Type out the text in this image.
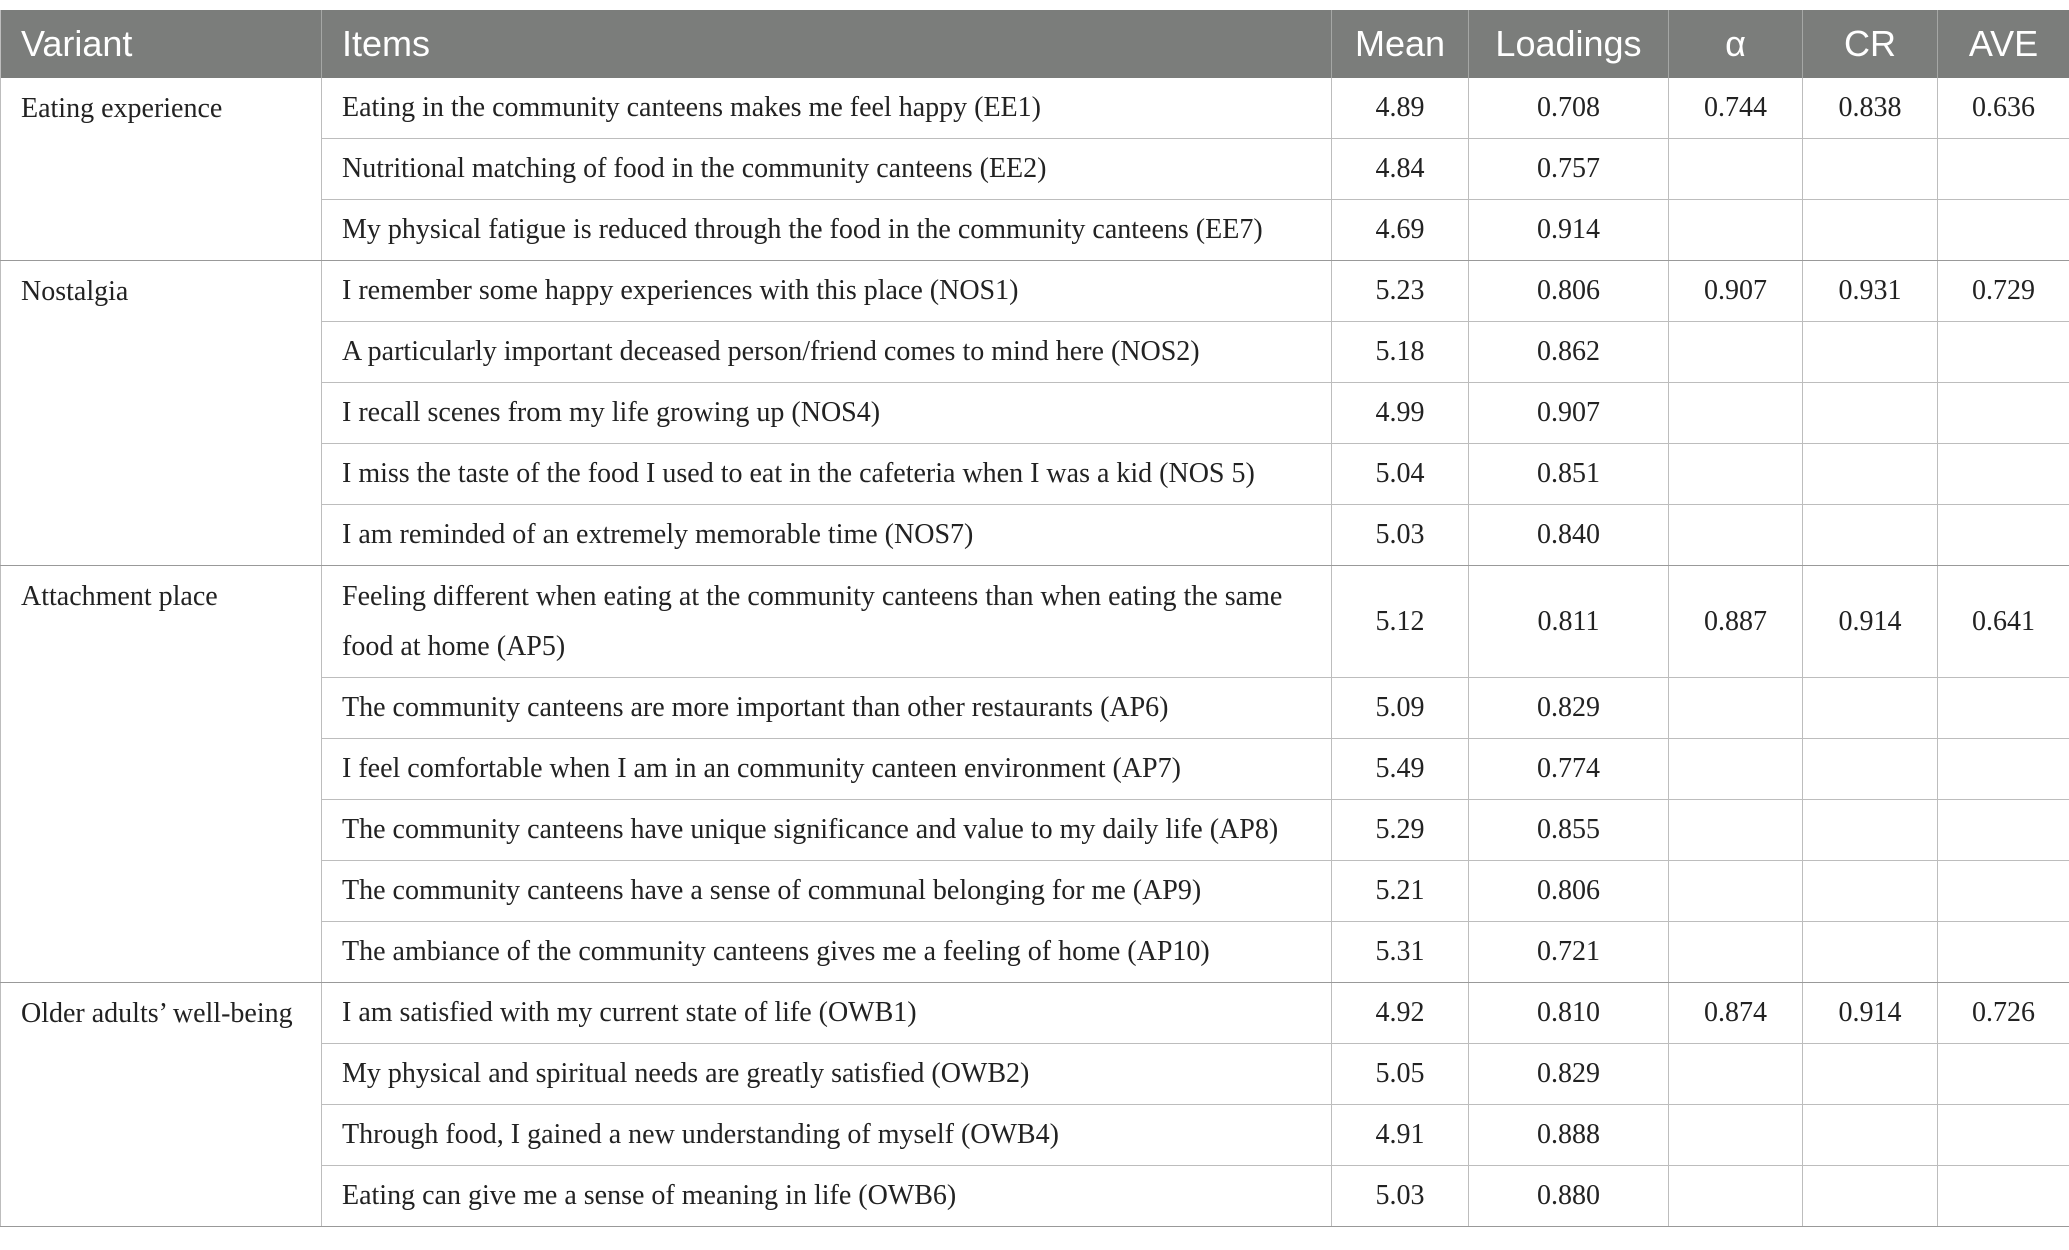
Variant	Items	Mean	Loadings	α	CR	AVE
Eating experience	Eating in the community canteens makes me feel happy (EE1)	4.89	0.708	0.744	0.838	0.636
	Nutritional matching of food in the community canteens (EE2)	4.84	0.757			
	My physical fatigue is reduced through the food in the community canteens (EE7)	4.69	0.914			
Nostalgia	I remember some happy experiences with this place (NOS1)	5.23	0.806	0.907	0.931	0.729
	A particularly important deceased person/friend comes to mind here (NOS2)	5.18	0.862			
	I recall scenes from my life growing up (NOS4)	4.99	0.907			
	I miss the taste of the food I used to eat in the cafeteria when I was a kid (NOS 5)	5.04	0.851			
	I am reminded of an extremely memorable time (NOS7)	5.03	0.840			
Attachment place	Feeling different when eating at the community canteens than when eating the same food at home (AP5)	5.12	0.811	0.887	0.914	0.641
	The community canteens are more important than other restaurants (AP6)	5.09	0.829			
	I feel comfortable when I am in an community canteen environment (AP7)	5.49	0.774			
	The community canteens have unique significance and value to my daily life (AP8)	5.29	0.855			
	The community canteens have a sense of communal belonging for me (AP9)	5.21	0.806			
	The ambiance of the community canteens gives me a feeling of home (AP10)	5.31	0.721			
Older adults’ well-being	I am satisfied with my current state of life (OWB1)	4.92	0.810	0.874	0.914	0.726
	My physical and spiritual needs are greatly satisfied (OWB2)	5.05	0.829			
	Through food, I gained a new understanding of myself (OWB4)	4.91	0.888			
	Eating can give me a sense of meaning in life (OWB6)	5.03	0.880			
